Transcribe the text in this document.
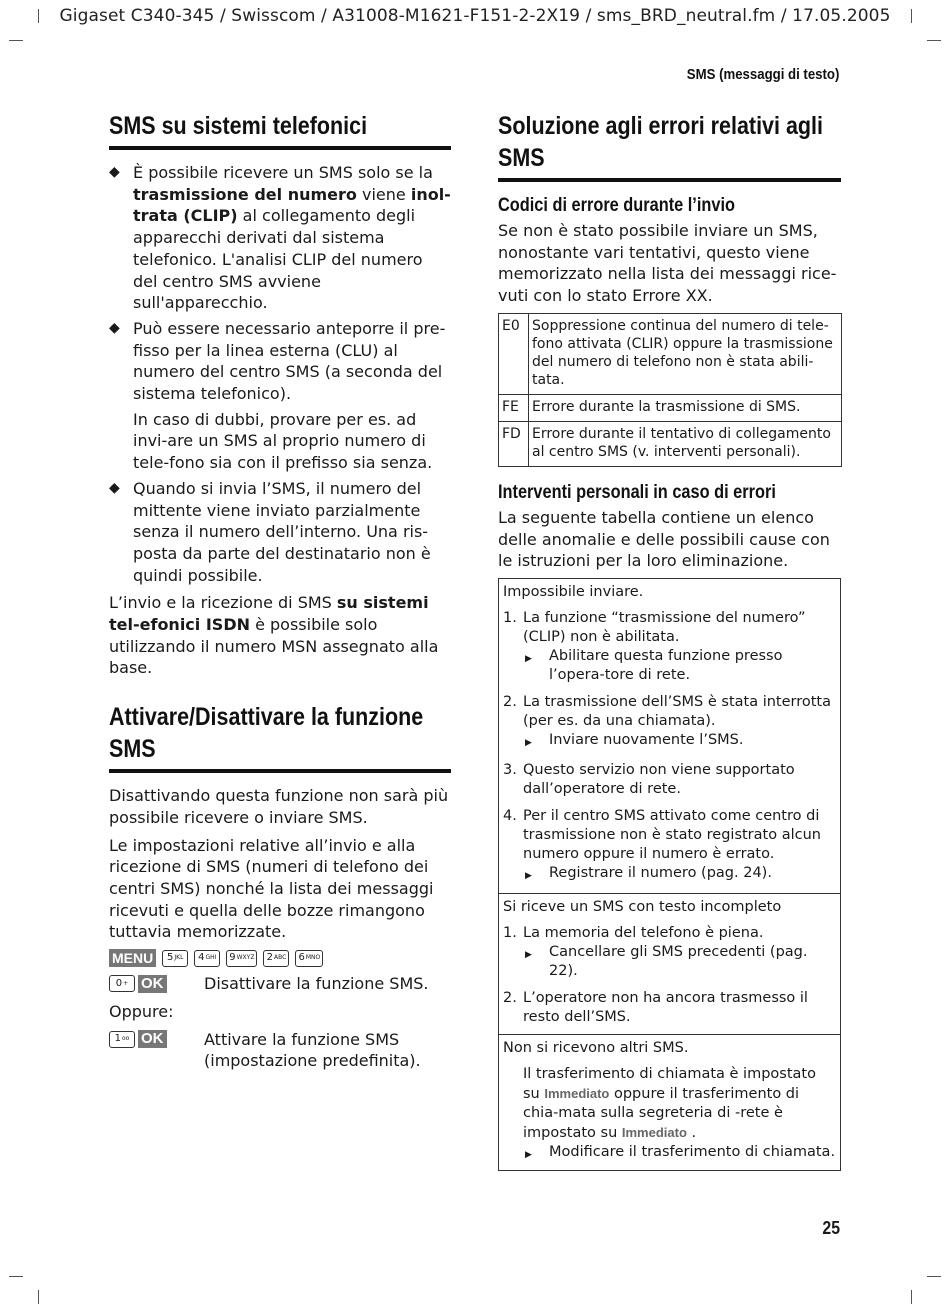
Gigaset C340-345 / Swisscom / A31008-M1621-F151-2-2X19 / sms_BRD_neutral.fm / 17.05.2005
SMS (messaggi di testo)
SMS su sistemi telefonici
◆ È possibile ricevere un SMS solo se la trasmissione del numero viene inol-trata (CLIP) al collegamento degli apparecchi derivati dal sistema telefonico. L'analisi CLIP del numero del centro SMS avviene sull'apparecchio.
◆ Può essere necessario anteporre il pre-fisso per la linea esterna (CLU) al numero del centro SMS (a seconda del sistema telefonico).
In caso di dubbi, provare per es. ad invi-are un SMS al proprio numero di tele-fono sia con il prefisso sia senza.
◆ Quando si invia l’SMS, il numero del mittente viene inviato parzialmente senza il numero dell’interno. Una ris-posta da parte del destinatario non è quindi possibile.
L’invio e la ricezione di SMS su sistemi tel-efonici ISDN è possibile solo utilizzando il numero MSN assegnato alla base.
Attivare/Disattivare la funzione SMS
Disattivando questa funzione non sarà più possibile ricevere o inviare SMS.
Le impostazioni relative all’invio e alla ricezione di SMS (numeri di telefono dei centri SMS) nonché la lista dei messaggi ricevuti e quella delle bozze rimangono tuttavia memorizzate.
MENU	5 JKL 4 GHI 9 WXYZ 2 ABC 6 MNO
0 + OK	Disattivare la funzione SMS.
Oppure:
1 oo OK	Attivare la funzione SMS (impostazione predefinita).
Soluzione agli errori relativi agli SMS
Codici di errore durante l’invio
Se non è stato possibile inviare un SMS, nonostante vari tentativi, questo viene memorizzato nella lista dei messaggi rice-vuti con lo stato Errore XX.
E0	Soppressione continua del numero di tele-fono attivata (CLIR) oppure la trasmissione del numero di telefono non è stata abili-tata.
FE	Errore durante la trasmissione di SMS.
FD	Errore durante il tentativo di collegamento al centro SMS (v. interventi personali).
Interventi personali in caso di errori
La seguente tabella contiene un elenco delle anomalie e delle possibili cause con le istruzioni per la loro eliminazione.
Impossibile inviare.
1. La funzione “trasmissione del numero” (CLIP) non è abilitata.
▶	Abilitare questa funzione presso l’opera-tore di rete.
2. La trasmissione dell’SMS è stata interrotta (per es. da una chiamata).
▶	Inviare nuovamente l’SMS.
3. Questo servizio non viene supportato dall’operatore di rete.
4. Per il centro SMS attivato come centro di trasmissione non è stato registrato alcun numero oppure il numero è errato.
▶	Registrare il numero (pag. 24).
Si riceve un SMS con testo incompleto
1. La memoria del telefono è piena.
▶	Cancellare gli SMS precedenti (pag. 22).
2. L’operatore non ha ancora trasmesso il resto dell’SMS.
Non si ricevono altri SMS.
Il trasferimento di chiamata è impostato su Immediato oppure il trasferimento di chia-mata sulla segreteria di -rete è impostato su Immediato .
▶	Modificare il trasferimento di chiamata.
25
